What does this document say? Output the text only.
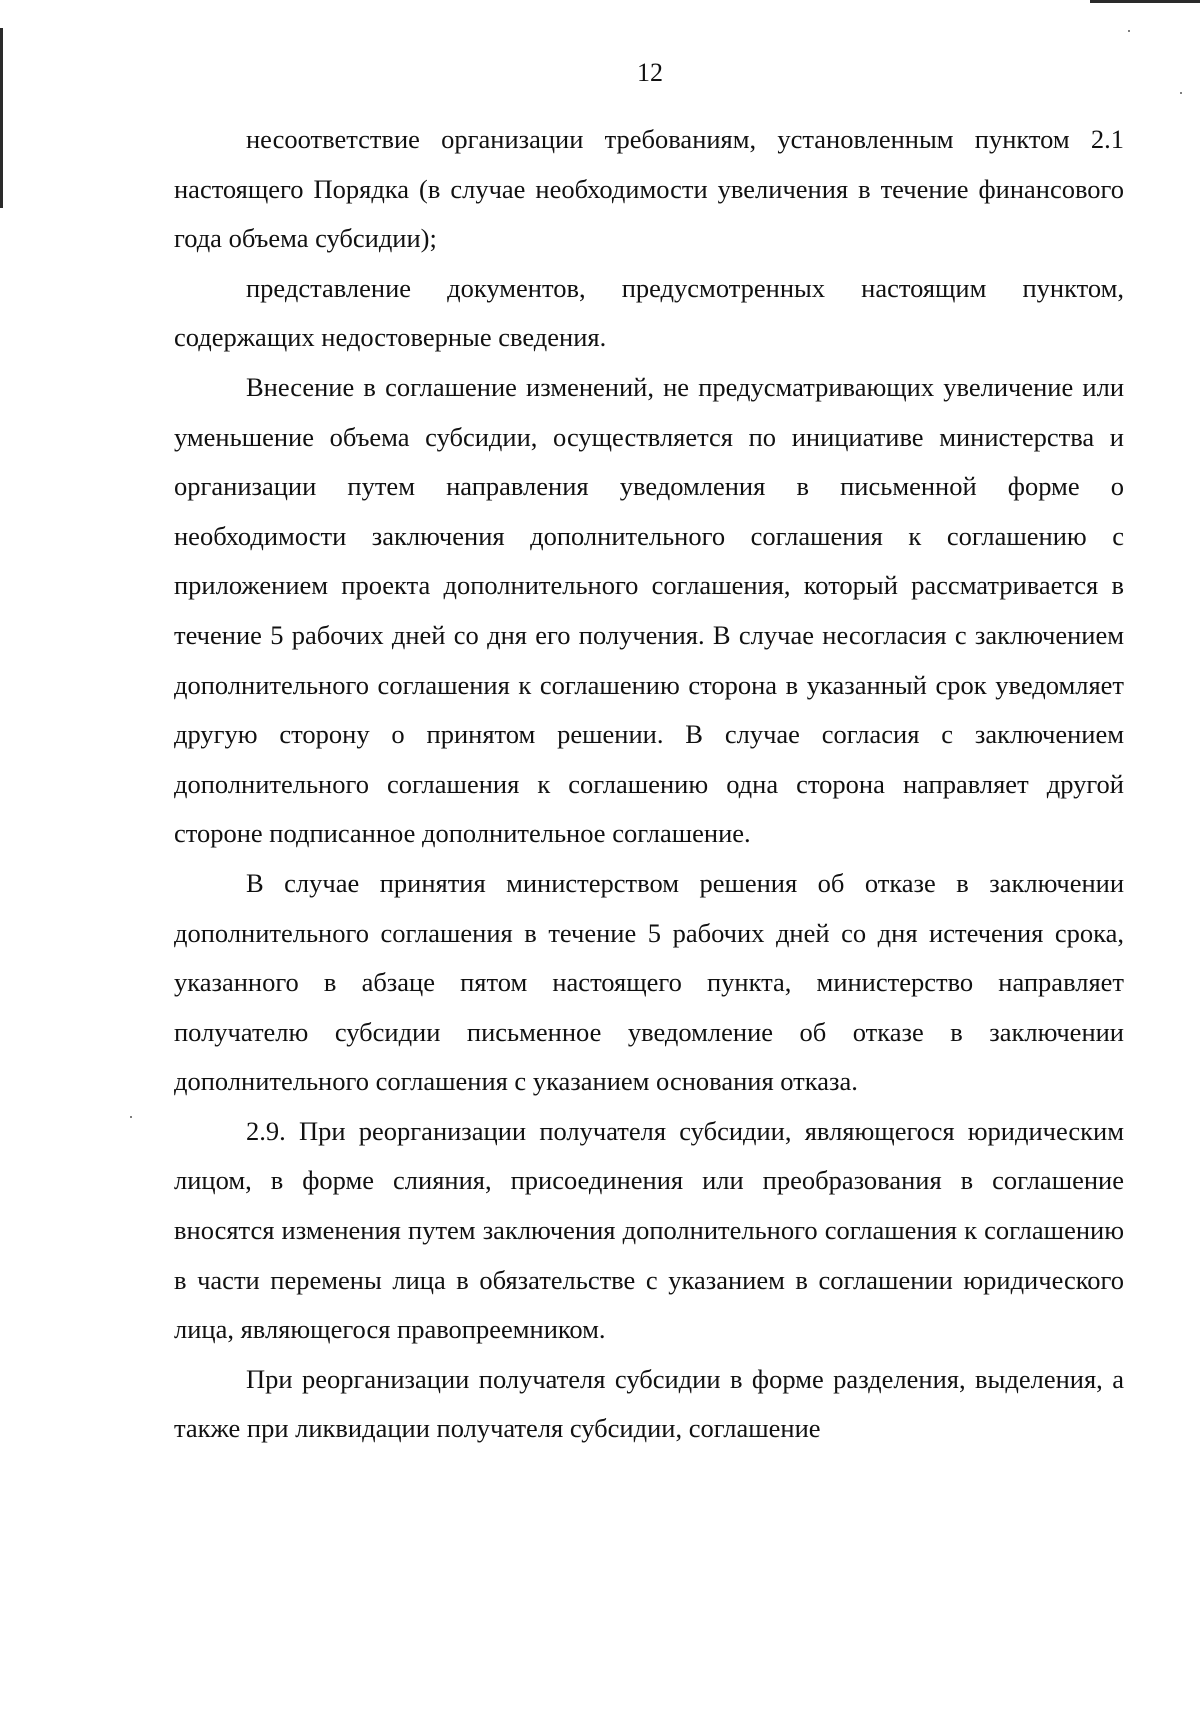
12

несоответствие организации требованиям, установленным пунктом 2.1 настоящего Порядка (в случае необходимости увеличения в течение финансового года объема субсидии);

представление документов, предусмотренных настоящим пунктом, содержащих недостоверные сведения.

Внесение в соглашение изменений, не предусматривающих увеличение или уменьшение объема субсидии, осуществляется по инициативе министерства и организации путем направления уведомления в письменной форме о необходимости заключения дополнительного соглашения к соглашению с приложением проекта дополнительного соглашения, который рассматривается в течение 5 рабочих дней со дня его получения. В случае несогласия с заключением дополнительного соглашения к соглашению сторона в указанный срок уведомляет другую сторону о принятом решении. В случае согласия с заключением дополнительного соглашения к соглашению одна сторона направляет другой стороне подписанное дополнительное соглашение.

В случае принятия министерством решения об отказе в заключении дополнительного соглашения в течение 5 рабочих дней со дня истечения срока, указанного в абзаце пятом настоящего пункта, министерство направляет получателю субсидии письменное уведомление об отказе в заключении дополнительного соглашения с указанием основания отказа.

2.9. При реорганизации получателя субсидии, являющегося юридическим лицом, в форме слияния, присоединения или преобразования в соглашение вносятся изменения путем заключения дополнительного соглашения к соглашению в части перемены лица в обязательстве с указанием в соглашении юридического лица, являющегося правопреемником.

При реорганизации получателя субсидии в форме разделения, выделения, а также при ликвидации получателя субсидии, соглашение
